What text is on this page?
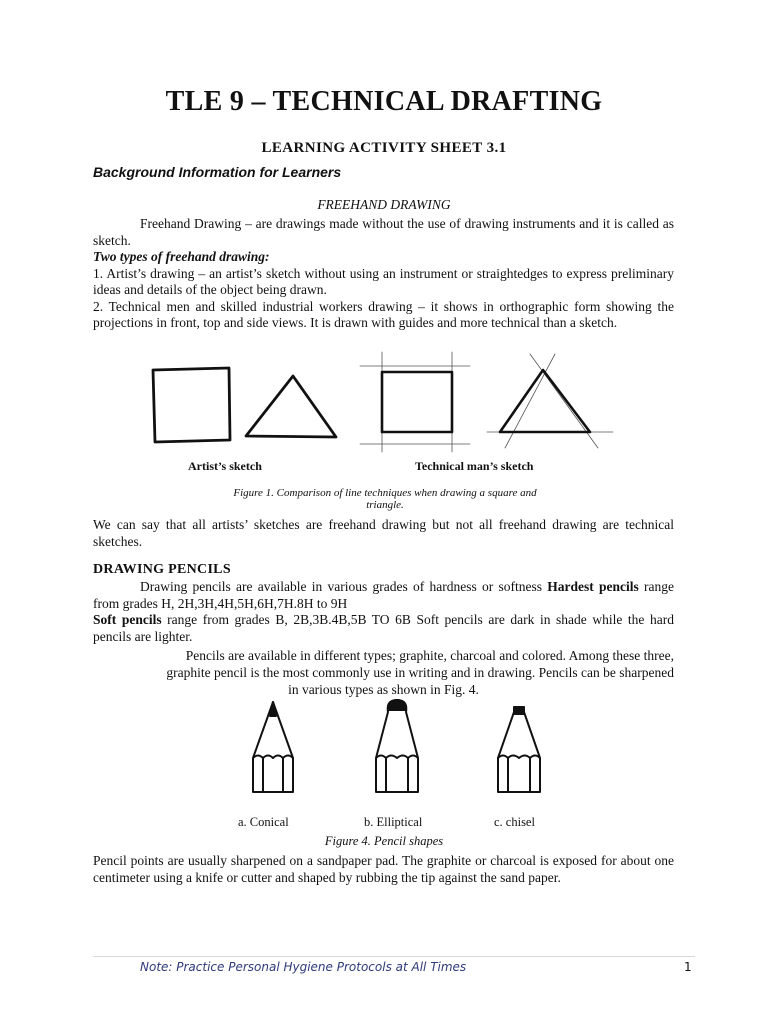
TLE 9 – TECHNICAL DRAFTING
LEARNING ACTIVITY SHEET 3.1
Background Information for Learners
FREEHAND DRAWING

Freehand Drawing – are drawings made without the use of drawing instruments and it is called as sketch.

Two types of freehand drawing:

1. Artist’s drawing – an artist’s sketch without using an instrument or straightedges to express preliminary ideas and details of the object being drawn.

2. Technical men and skilled industrial workers drawing – it shows in orthographic form showing the projections in front, top and side views. It is drawn with guides and more technical than a sketch.

Artist’s sketch	Technical man’s sketch
Figure 1. Comparison of line techniques when drawing a square and
triangle.
We can say that all artists’ sketches are freehand drawing but not all freehand drawing are technical sketches.
DRAWING PENCILS

Drawing pencils are available in various grades of hardness or softness Hardest pencils range from grades H, 2H,3H,4H,5H,6H,7H.8H to 9H

Soft pencils range from grades B, 2B,3B.4B,5B TO 6B Soft pencils are dark in shade while the hard pencils are lighter.

Pencils are available in different types; graphite, charcoal and colored. Among these three,
graphite pencil is the most commonly use in writing and in drawing. Pencils can be sharpened
in various types as shown in Fig. 4.
a. Conical	b. Elliptical	c. chisel
Figure 4. Pencil shapes
Pencil points are usually sharpened on a sandpaper pad. The graphite or charcoal is exposed for about one centimeter using a knife or cutter and shaped by rubbing the tip against the sand paper.
Note: Practice Personal Hygiene Protocols at All Times	1
